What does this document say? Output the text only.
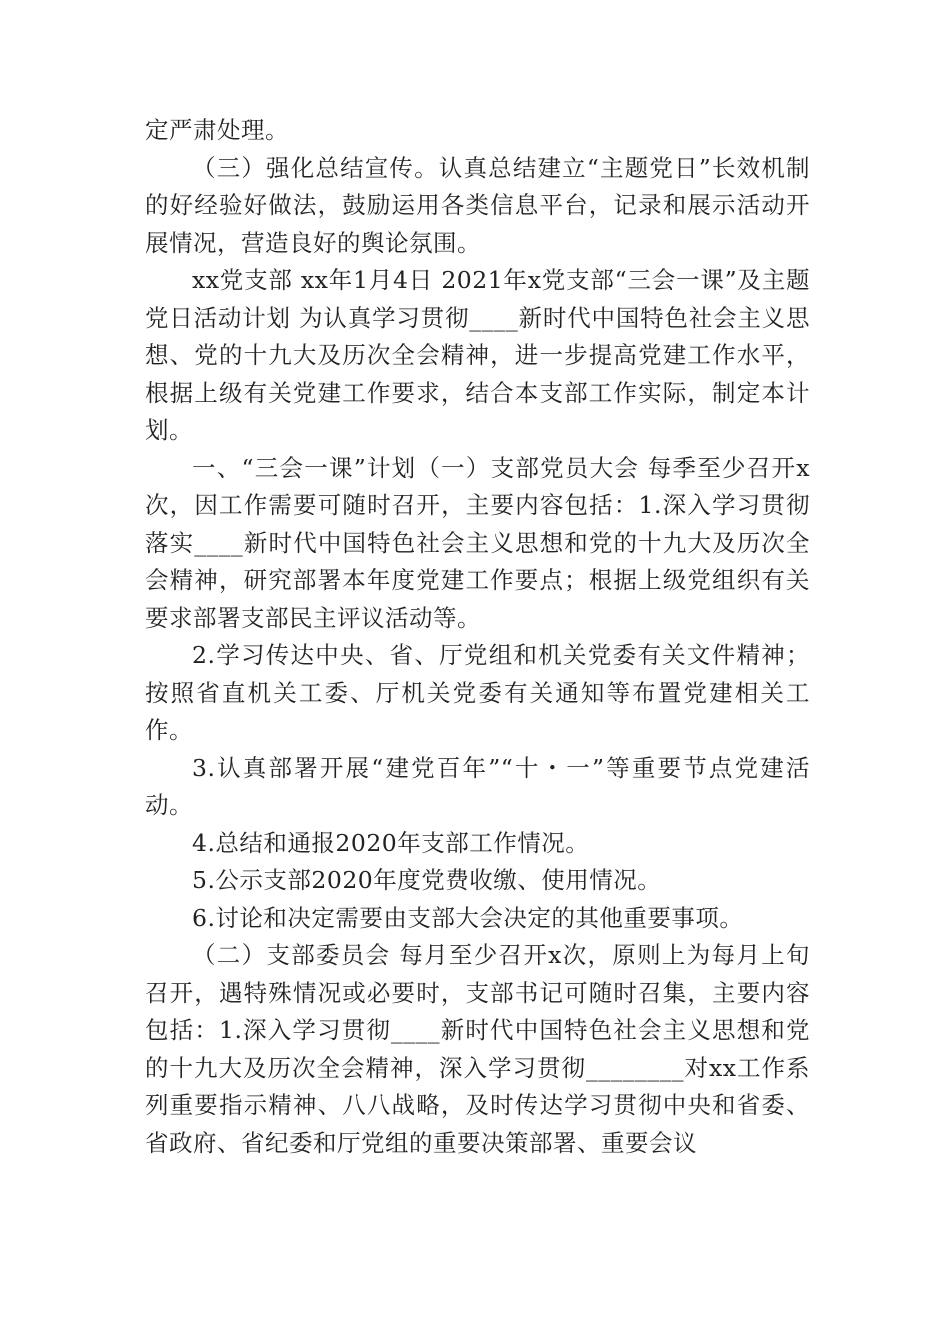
定严肃处理。

（三）强化总结宣传。认真总结建立“主题党日”长效机制的好经验好做法，鼓励运用各类信息平台，记录和展示活动开展情况，营造良好的舆论氛围。

xx党支部 xx年1月4日 2021年x党支部“三会一课”及主题党日活动计划 为认真学习贯彻____新时代中国特色社会主义思想、党的十九大及历次全会精神，进一步提高党建工作水平，根据上级有关党建工作要求，结合本支部工作实际，制定本计划。

一、“三会一课”计划（一）支部党员大会 每季至少召开x次，因工作需要可随时召开，主要内容包括：1.深入学习贯彻落实____新时代中国特色社会主义思想和党的十九大及历次全会精神，研究部署本年度党建工作要点；根据上级党组织有关要求部署支部民主评议活动等。

2.学习传达中央、省、厅党组和机关党委有关文件精神；按照省直机关工委、厅机关党委有关通知等布置党建相关工作。

3.认真部署开展“建党百年”“十・一”等重要节点党建活动。

4.总结和通报2020年支部工作情况。

5.公示支部2020年度党费收缴、使用情况。

6.讨论和决定需要由支部大会决定的其他重要事项。

（二）支部委员会 每月至少召开x次，原则上为每月上旬召开，遇特殊情况或必要时，支部书记可随时召集，主要内容包括：1.深入学习贯彻____新时代中国特色社会主义思想和党的十九大及历次全会精神，深入学习贯彻________对xx工作系列重要指示精神、八八战略，及时传达学习贯彻中央和省委、省政府、省纪委和厅党组的重要决策部署、重要会议
